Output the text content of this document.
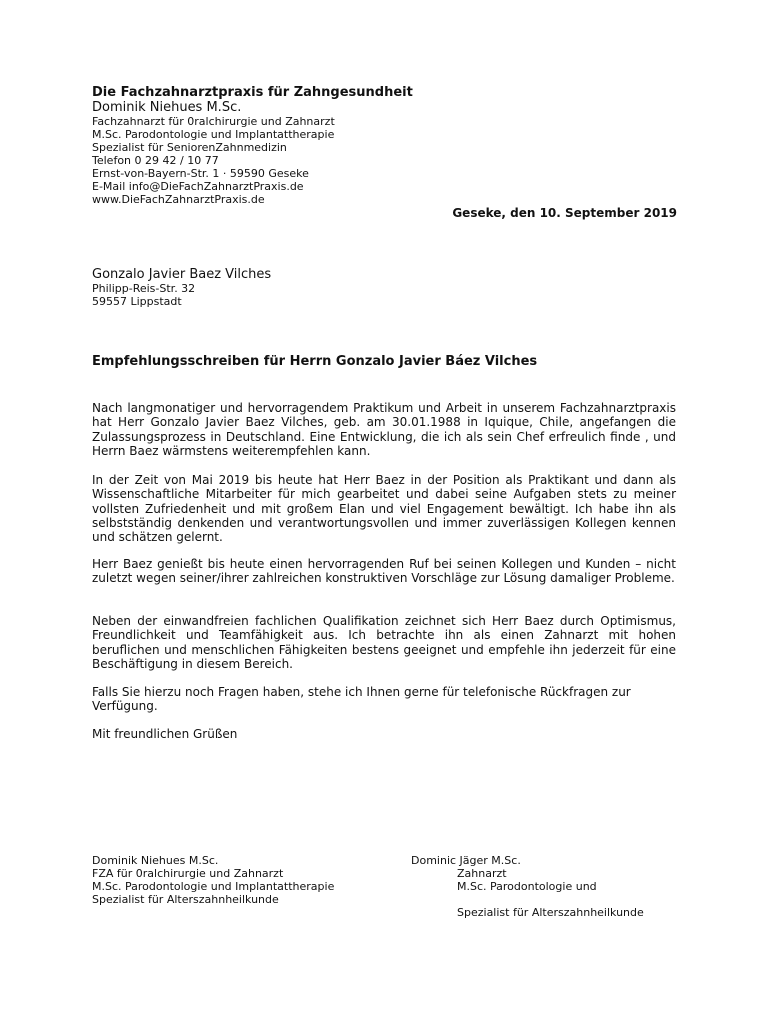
Die Fachzahnarztpraxis für Zahngesundheit
Dominik Niehues M.Sc.
Fachzahnarzt für 0ralchirurgie und Zahnarzt
M.Sc. Parodontologie und Implantattherapie
Spezialist für SeniorenZahnmedizin
Telefon 0 29 42 / 10 77
Ernst-von-Bayern-Str. 1 · 59590 Geseke
E-Mail info@DieFachZahnarztPraxis.de
www.DieFachZahnarztPraxis.de
Geseke, den 10. September 2019
Gonzalo Javier Baez Vilches
Philipp-Reis-Str. 32
59557 Lippstadt
Empfehlungsschreiben für Herrn Gonzalo Javier Báez Vilches

Nach langmonatiger und hervorragendem Praktikum und Arbeit in unserem Fachzahnarztpraxis hat Herr Gonzalo Javier Baez Vilches, geb. am 30.01.1988 in Iquique, Chile, angefangen die Zulassungsprozess in Deutschland. Eine Entwicklung, die ich als sein Chef erfreulich finde , und Herrn Baez wärmstens weiterempfehlen kann.

In der Zeit von Mai 2019 bis heute hat Herr Baez in der Position als Praktikant und dann als Wissenschaftliche Mitarbeiter für mich gearbeitet und dabei seine Aufgaben stets zu meiner vollsten Zufriedenheit und mit großem Elan und viel Engagement bewältigt. Ich habe ihn als selbstständig denkenden und verantwortungsvollen und immer zuverlässigen Kollegen kennen und schätzen gelernt.

Herr Baez genießt bis heute einen hervorragenden Ruf bei seinen Kollegen und Kunden – nicht zuletzt wegen seiner/ihrer zahlreichen konstruktiven Vorschläge zur Lösung damaliger Probleme.

Neben der einwandfreien fachlichen Qualifikation zeichnet sich Herr Baez durch Optimismus, Freundlichkeit und Teamfähigkeit aus. Ich betrachte ihn als einen Zahnarzt mit hohen beruflichen und menschlichen Fähigkeiten bestens geeignet und empfehle ihn jederzeit für eine Beschäftigung in diesem Bereich.

Falls Sie hierzu noch Fragen haben, stehe ich Ihnen gerne für telefonische Rückfragen zur Verfügung.

Mit freundlichen Grüßen
Dominik Niehues M.Sc.
FZA für 0ralchirurgie und Zahnarzt
M.Sc. Parodontologie und Implantattherapie
Spezialist für Alterszahnheilkunde
Dominic Jäger M.Sc.
Zahnarzt
M.Sc. Parodontologie und
Spezialist für Alterszahnheilkunde
